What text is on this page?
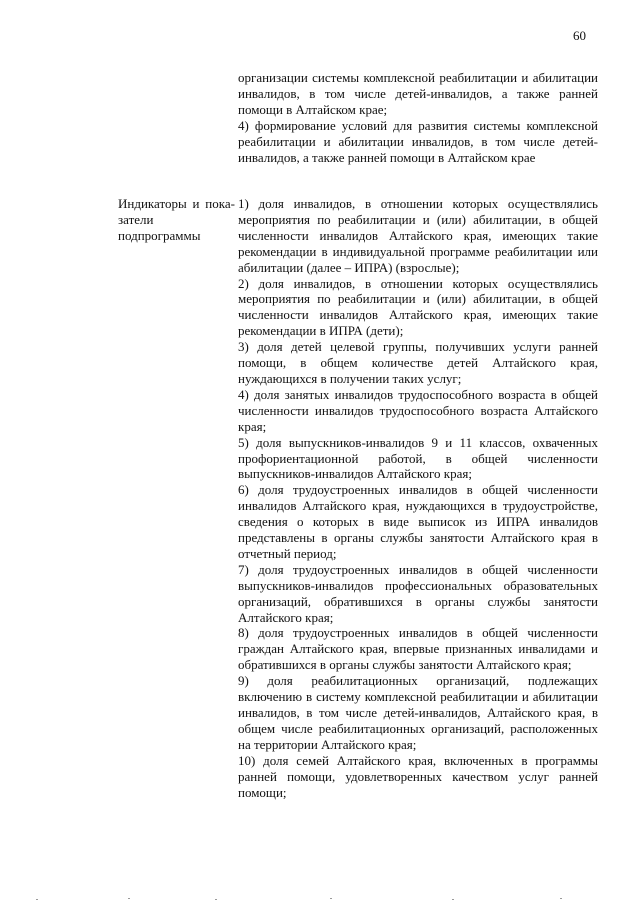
60

организации системы комплексной реабилитации и абилитации инвалидов, в том числе детей-инвалидов, а также ранней помощи в Алтайском крае;

4) формирование условий для развития системы комплексной реабилитации и абилитации инвалидов, в том числе детей-инвалидов, а также ранней помощи в Алтайском крае

Индикаторы и показатели подпрограммы

1) доля инвалидов, в отношении которых осуществлялись мероприятия по реабилитации и (или) абилитации, в общей численности инвалидов Алтайского края, имеющих такие рекомендации в индивидуальной программе реабилитации или абилитации (далее – ИПРА) (взрослые);

2) доля инвалидов, в отношении которых осуществлялись мероприятия по реабилитации и (или) абилитации, в общей численности инвалидов Алтайского края, имеющих такие рекомендации в ИПРА (дети);

3) доля детей целевой группы, получивших услуги ранней помощи, в общем количестве детей Алтайского края, нуждающихся в получении таких услуг;

4) доля занятых инвалидов трудоспособного возраста в общей численности инвалидов трудоспособного возраста Алтайского края;

5) доля выпускников-инвалидов 9 и 11 классов, охваченных профориентационной работой, в общей численности выпускников-инвалидов Алтайского края;

6) доля трудоустроенных инвалидов в общей численности инвалидов Алтайского края, нуждающихся в трудоустройстве, сведения о которых в виде выписок из ИПРА инвалидов представлены в органы службы занятости Алтайского края в отчетный период;

7) доля трудоустроенных инвалидов в общей численности выпускников-инвалидов профессиональных образовательных организаций, обратившихся в органы службы занятости Алтайского края;

8) доля трудоустроенных инвалидов в общей численности граждан Алтайского края, впервые признанных инвалидами и обратившихся в органы службы занятости Алтайского края;

9) доля реабилитационных организаций, подлежащих включению в систему комплексной реабилитации и абилитации инвалидов, в том числе детей-инвалидов, Алтайского края, в общем числе реабилитационных организаций, расположенных на территории Алтайского края;

10) доля семей Алтайского края, включенных в программы ранней помощи, удовлетворенных качеством услуг ранней помощи;
